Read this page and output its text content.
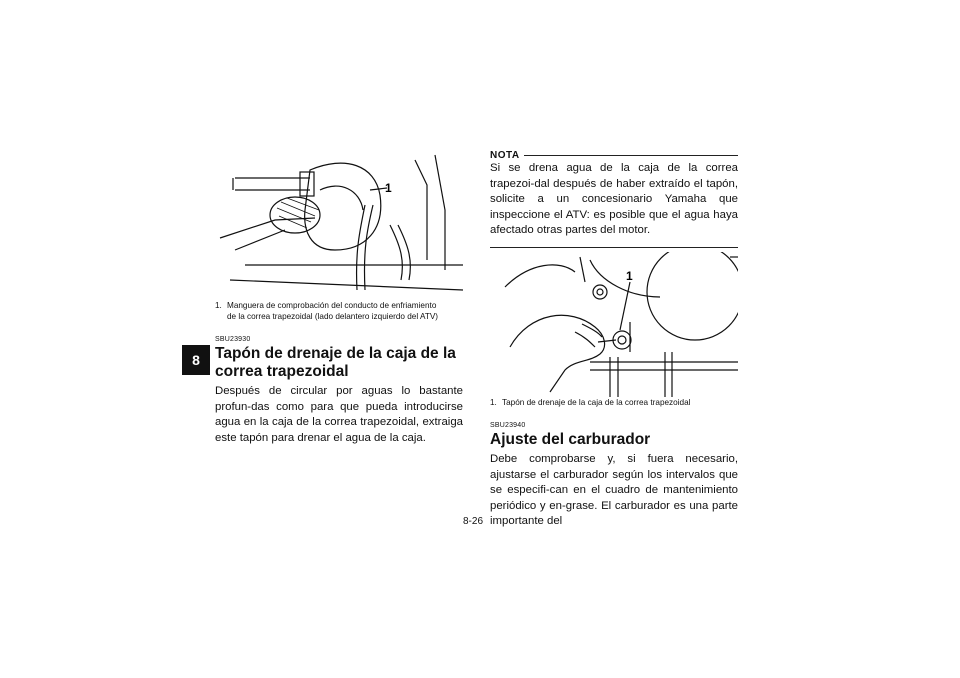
8
1

1. Manguera de comprobación del conducto de enfriamiento
de la correa trapezoidal (lado delantero izquierdo del ATV)

SBU23930
Tapón de drenaje de la caja de la correa trapezoidal

Después de circular por aguas lo bastante profun-das como para que pueda introducirse agua en la caja de la correa trapezoidal, extraiga este tapón para drenar el agua de la caja.

NOTA

Si se drena agua de la caja de la correa trapezoi-dal después de haber extraído el tapón, solicite a un concesionario Yamaha que inspeccione el ATV: es posible que el agua haya afectado otras partes del motor.

1

1. Tapón de drenaje de la caja de la correa trapezoidal

SBU23940
Ajuste del carburador

Debe comprobarse y, si fuera necesario, ajustarse el carburador según los intervalos que se especifi-can en el cuadro de mantenimiento periódico y en-grase. El carburador es una parte importante del

8-26
